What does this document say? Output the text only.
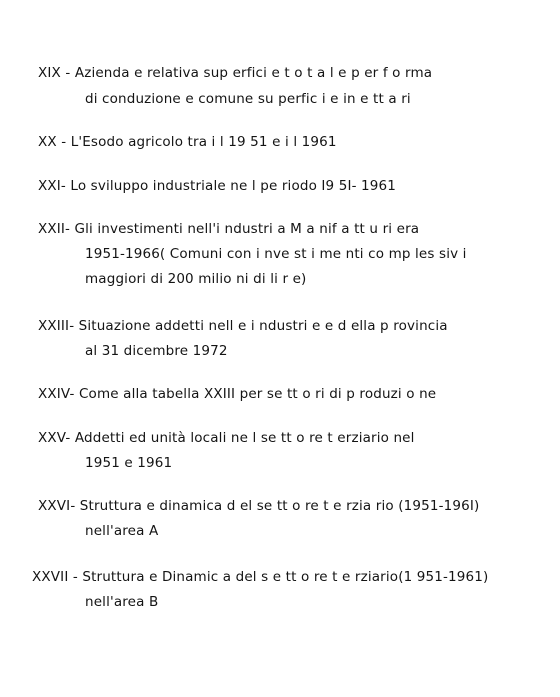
XIX - Azienda e relativa sup erfici e t o t a l e p er f o rma
di conduzione e comune su perfic i e in e tt a ri
XX - L'Esodo agricolo tra i l 19 51 e i l 1961
XXI- Lo sviluppo industriale ne l pe riodo I9 5I- 1961
XXII- Gli investimenti nell'i ndustri a M a nif a tt u ri era
1951-1966( Comuni con i nve st i me nti co mp les siv i
maggiori di 200 milio ni di li r e)
XXIII- Situazione addetti nell e i ndustri e e d ella p rovincia
al 31 dicembre 1972
XXIV- Come alla tabella XXIII per se tt o ri di p roduzi o ne
XXV- Addetti ed unità locali ne l se tt o re t erziario nel
1951 e 1961
XXVI- Struttura e dinamica d el se tt o re t e rzia rio (1951-196I)
nell'area A
XXVII - Struttura e Dinamic a del s e tt o re t e rziario(1 951-1961)
nell'area B
